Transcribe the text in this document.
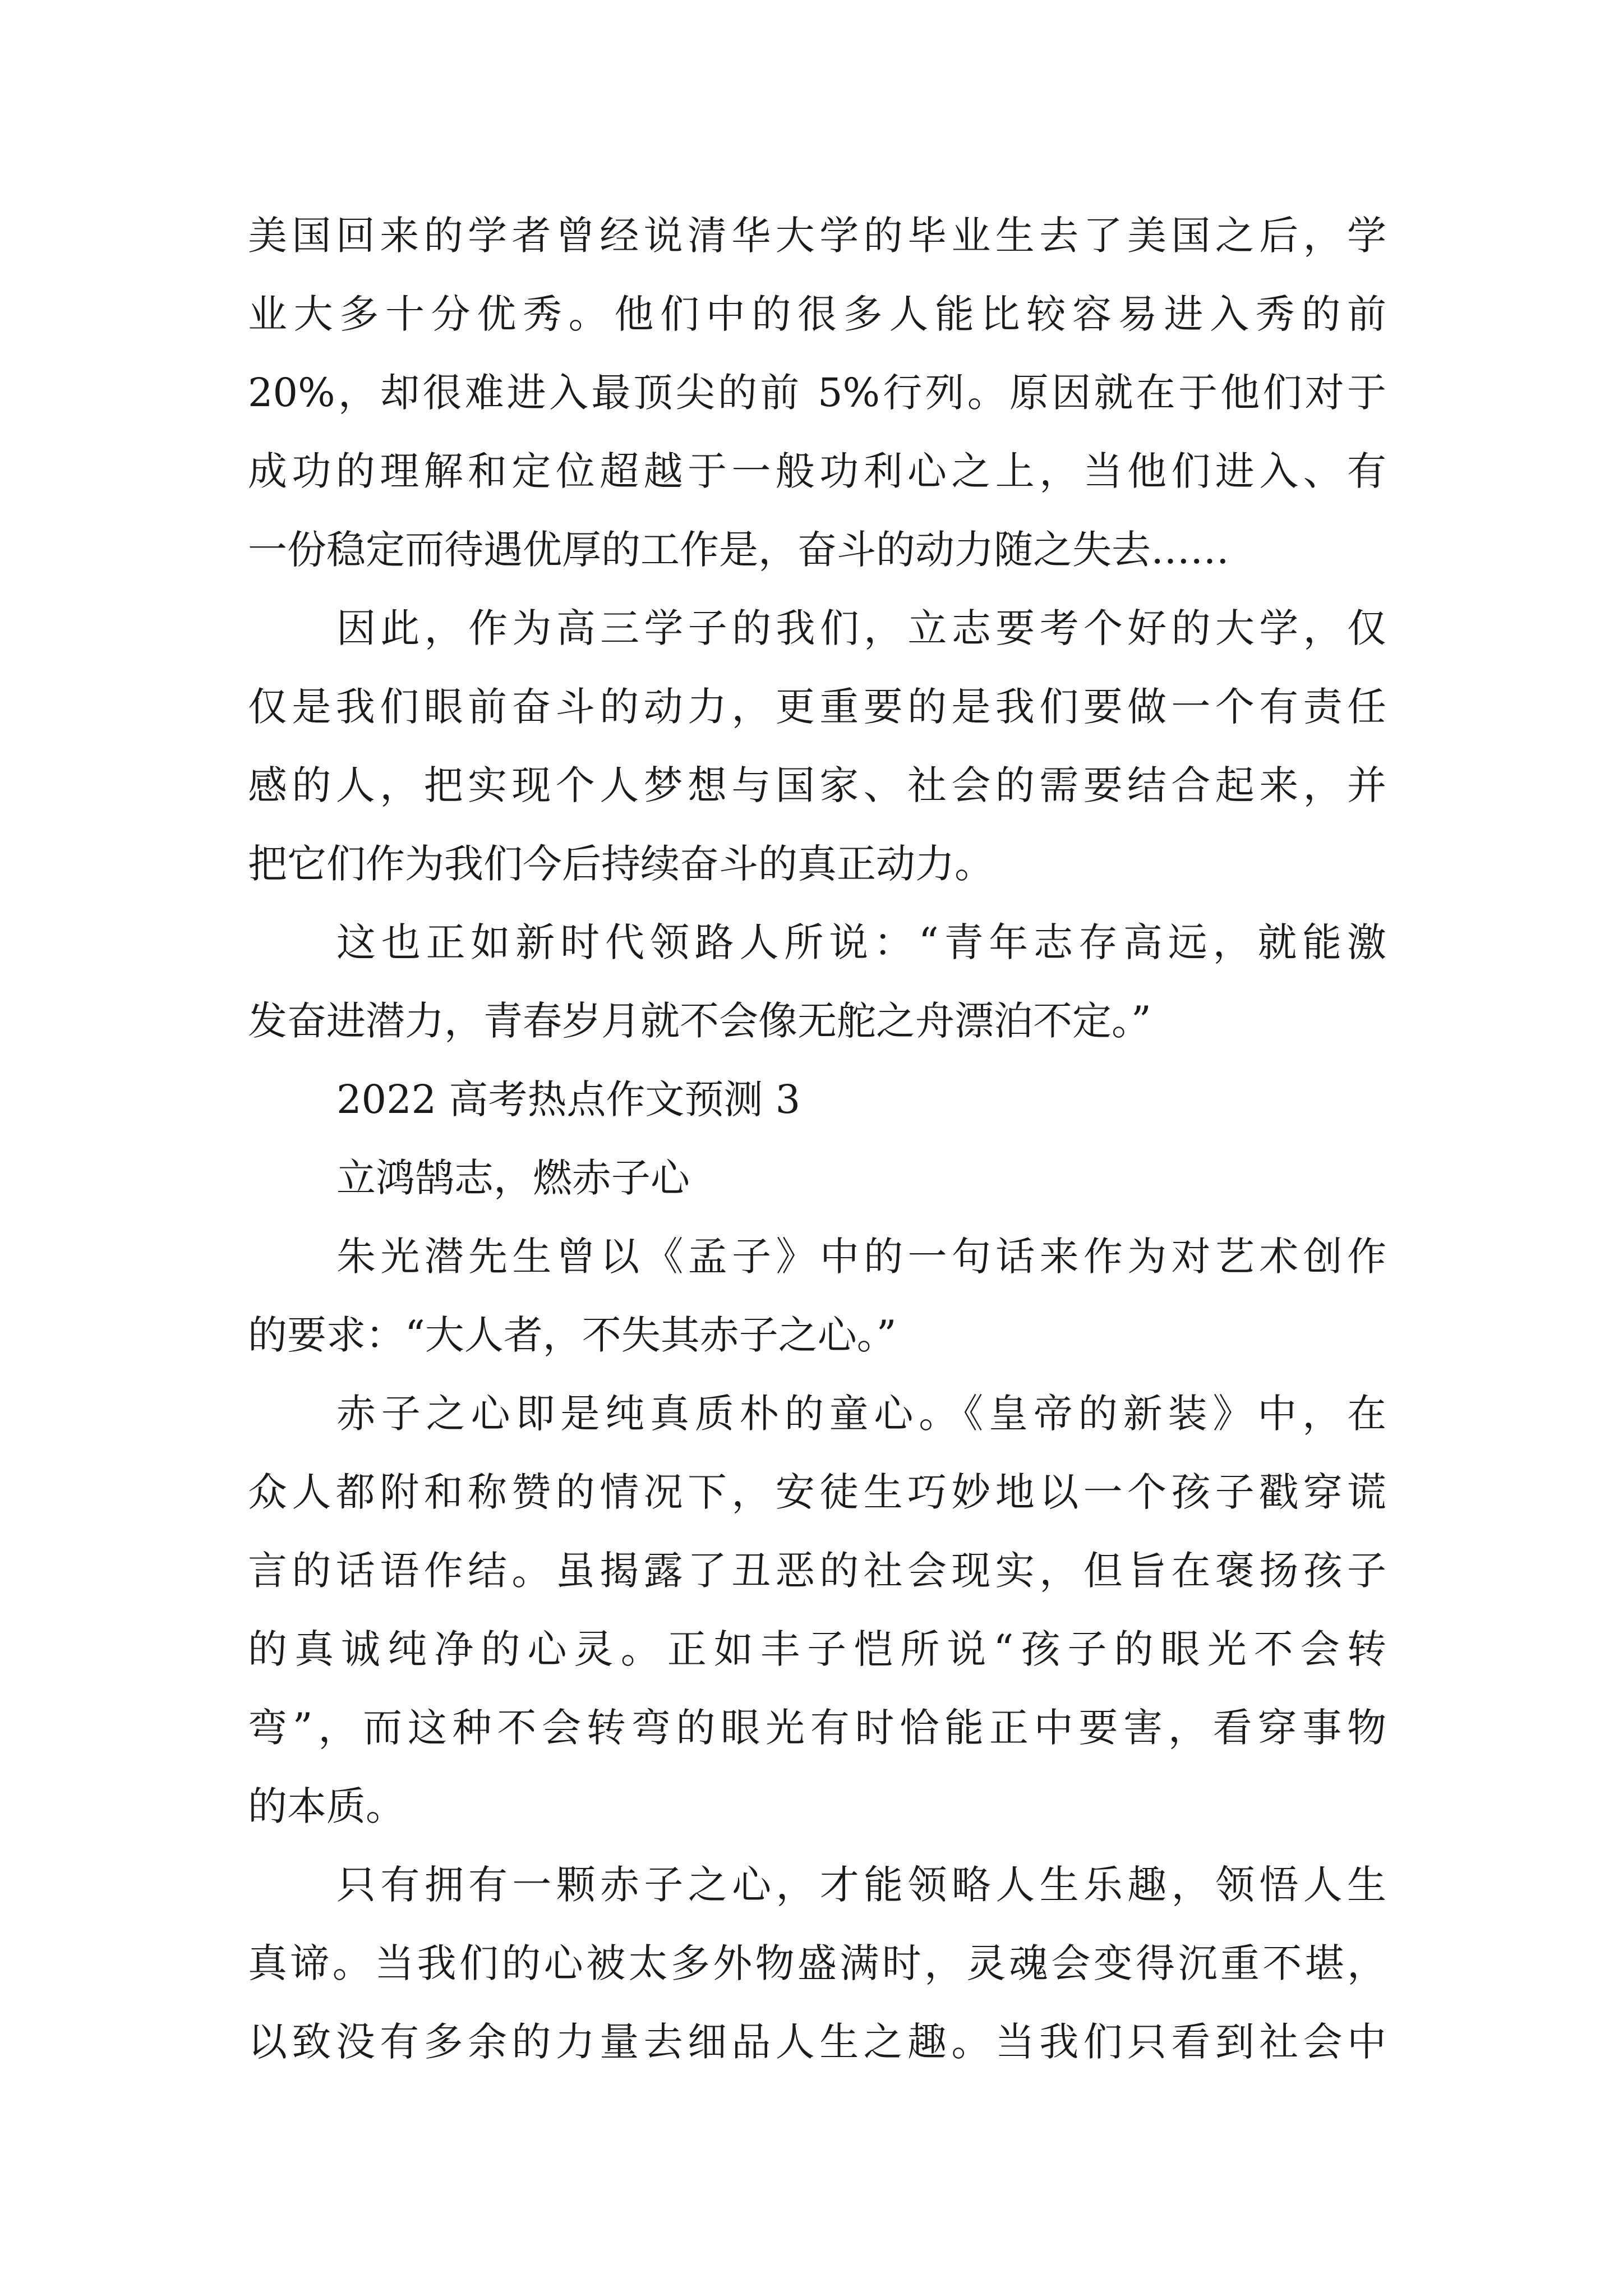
美国回来的学者曾经说清华大学的毕业生去了美国之后，学
业大多十分优秀。他们中的很多人能比较容易进入秀的前
20%，却很难进入最顶尖的前 5%行列。原因就在于他们对于
成功的理解和定位超越于一般功利心之上，当他们进入、有
一份稳定而待遇优厚的工作是，奋斗的动力随之失去……
因此，作为高三学子的我们，立志要考个好的大学，仅
仅是我们眼前奋斗的动力，更重要的是我们要做一个有责任
感的人，把实现个人梦想与国家、社会的需要结合起来，并
把它们作为我们今后持续奋斗的真正动力。
这也正如新时代领路人所说：“青年志存高远，就能激
发奋进潜力，青春岁月就不会像无舵之舟漂泊不定。”
2022 高考热点作文预测 3
立鸿鹄志，燃赤子心
朱光潜先生曾以《孟子》中的一句话来作为对艺术创作
的要求：“大人者，不失其赤子之心。”
赤子之心即是纯真质朴的童心。《皇帝的新装》中，在
众人都附和称赞的情况下，安徒生巧妙地以一个孩子戳穿谎
言的话语作结。虽揭露了丑恶的社会现实，但旨在褒扬孩子
的真诚纯净的心灵。正如丰子恺所说“孩子的眼光不会转
弯”，而这种不会转弯的眼光有时恰能正中要害，看穿事物
的本质。
只有拥有一颗赤子之心，才能领略人生乐趣，领悟人生
真谛。当我们的心被太多外物盛满时，灵魂会变得沉重不堪，
以致没有多余的力量去细品人生之趣。当我们只看到社会中
